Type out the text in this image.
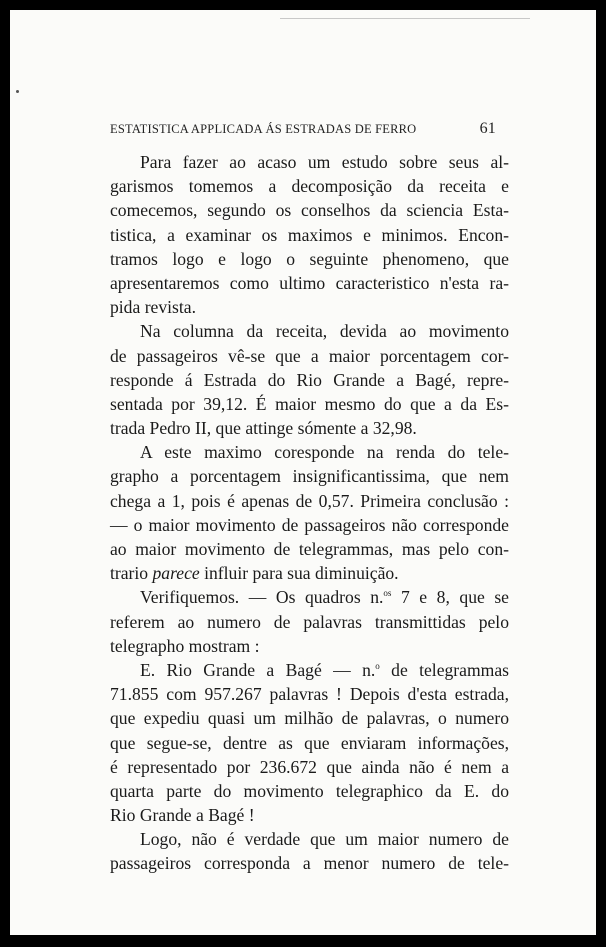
ESTATISTICA APPLICADA ÁS ESTRADAS DE FERRO	61
Para fazer ao acaso um estudo sobre seus al-
garismos tomemos a decomposição da receita e
comecemos, segundo os conselhos da sciencia Esta-
tistica, a examinar os maximos e minimos. Encon-
tramos logo e logo o seguinte phenomeno, que
apresentaremos como ultimo caracteristico n'esta ra-
pida revista.
Na columna da receita, devida ao movimento
de passageiros vê-se que a maior porcentagem cor-
responde á Estrada do Rio Grande a Bagé, repre-
sentada por 39,12. É maior mesmo do que a da Es-
trada Pedro II, que attinge sómente a 32,98.
A este maximo coresponde na renda do tele-
grapho a porcentagem insignificantissima, que nem
chega a 1, pois é apenas de 0,57. Primeira conclusão :
— o maior movimento de passageiros não corresponde
ao maior movimento de telegrammas, mas pelo con-
trario parece influir para sua diminuição.
Verifiquemos. — Os quadros n.$^{os}$ 7 e 8, que se
referem ao numero de palavras transmittidas pelo
telegrapho mostram :
E. Rio Grande a Bagé — n.$^o$ de telegrammas
71.855 com 957.267 palavras ! Depois d'esta estrada,
que expediu quasi um milhão de palavras, o numero
que segue-se, dentre as que enviaram informações,
é representado por 236.672 que ainda não é nem a
quarta parte do movimento telegraphico da E. do
Rio Grande a Bagé !
Logo, não é verdade que um maior numero de
passageiros corresponda a menor numero de tele-
